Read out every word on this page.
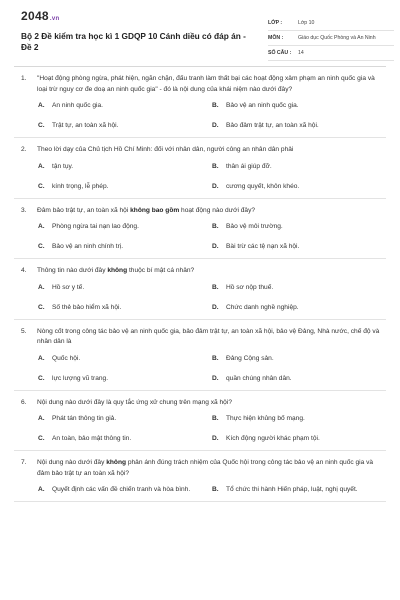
2048.vn
Bộ 2 Đề kiểm tra học kì 1 GDQP 10 Cánh diều có đáp án - Đề 2
LỚP :	Lớp 10
MÔN :	Giáo dục Quốc Phòng và An Ninh
SỐ CÂU :	14
1.	"Hoạt động phòng ngừa, phát hiện, ngăn chặn, đấu tranh làm thất bại các hoạt động xâm phạm an ninh quốc gia và loại trừ nguy cơ đe doạ an ninh quốc gia" - đó là nội dung của khái niệm nào dưới đây?
A.	An ninh quốc gia.	B.	Bảo vệ an ninh quốc gia.
C.	Trật tự, an toàn xã hội.	D.	Bảo đảm trật tự, an toàn xã hội.
2.	Theo lời dạy của Chủ tịch Hồ Chí Minh: đối với nhân dân, người công an nhân dân phải
A.	tận tụy.	B.	thân ái giúp đỡ.
C.	kính trọng, lễ phép.	D.	cương quyết, khôn khéo.
3.	Đâm bảo trật tự, an toàn xã hội không bao gồm hoạt động nào dưới đây?
A.	Phòng ngừa tai nạn lao động.	B.	Bảo vệ môi trường.
C.	Bảo vệ an ninh chính trị.	D.	Bài trừ các tệ nạn xã hội.
4.	Thông tin nào dưới đây không thuộc bí mật cá nhân?
A.	Hồ sơ y tế.	B.	Hồ sơ nộp thuế.
C.	Số thẻ bảo hiểm xã hội.	D.	Chức danh nghề nghiệp.
5.	Nòng cốt trong công tác bảo vệ an ninh quốc gia, bảo đảm trật tự, an toàn xã hội, bảo vệ Đảng, Nhà nước, chế độ và nhân dân là
A.	Quốc hội.	B.	Đảng Cộng sản.
C.	lực lượng vũ trang.	D.	quần chúng nhân dân.
6.	Nội dung nào dưới đây là quy tắc ứng xử chung trên mạng xã hội?
A.	Phát tán thông tin giả.	B.	Thực hiện khủng bố mạng.
C.	An toàn, bảo mật thông tin.	D.	Kích động người khác phạm tội.
7.	Nội dung nào dưới đây không phản ánh đúng trách nhiệm của Quốc hội trong công tác bảo vệ an ninh quốc gia và đảm bảo trật tự an toàn xã hội?
A.	Quyết định các vấn đề chiến tranh và hòa bình.	B.	Tổ chức thi hành Hiến pháp, luật, nghị quyết.
